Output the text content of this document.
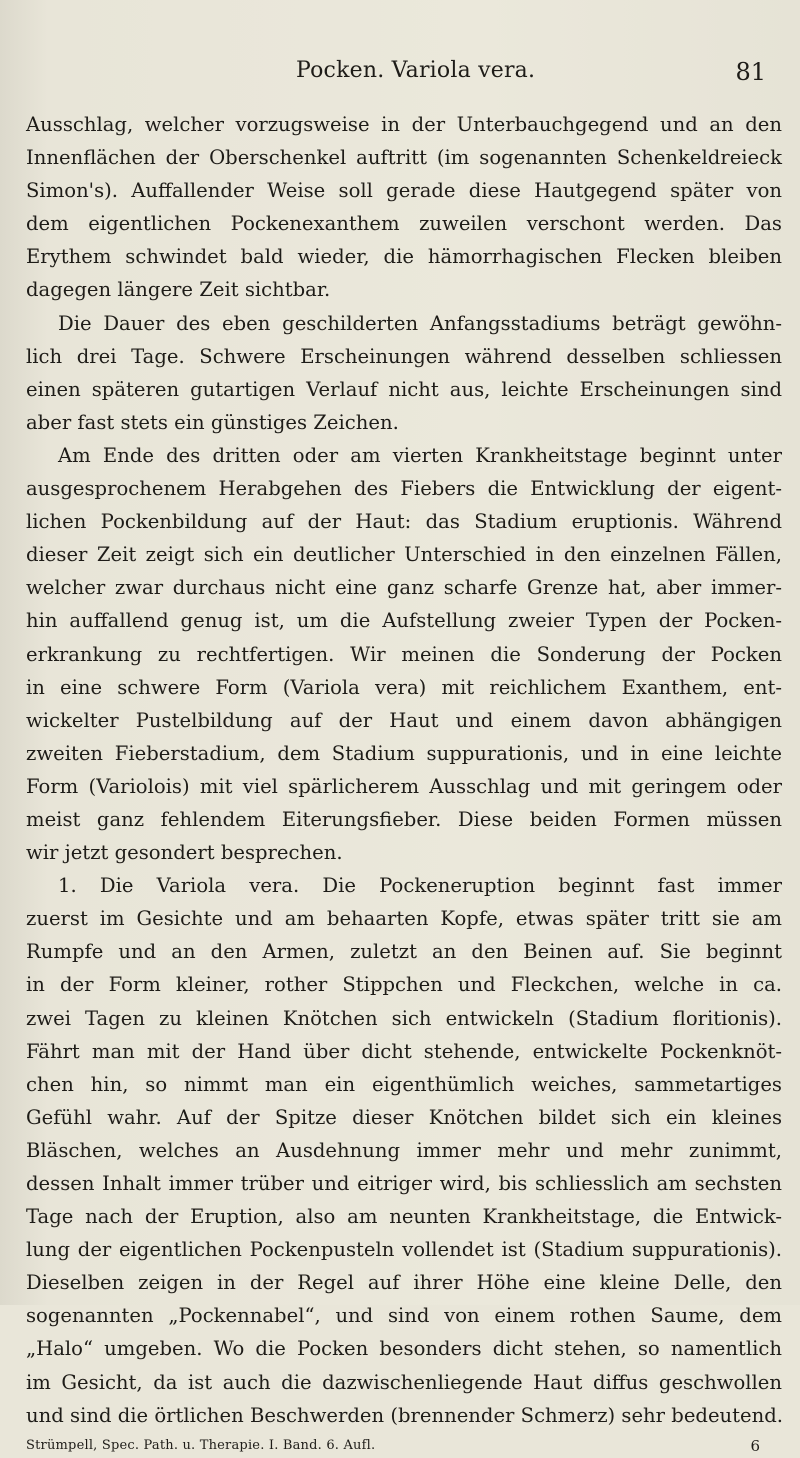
Pocken. Variola vera.	81
Ausschlag, welcher vorzugsweise in der Unterbauchgegend und an den
Innenflächen der Oberschenkel auftritt (im sogenannten Schenkeldreieck
Simon's). Auffallender Weise soll gerade diese Hautgegend später von
dem eigentlichen Pockenexanthem zuweilen verschont werden. Das
Erythem schwindet bald wieder, die hämorrhagischen Flecken bleiben
dagegen längere Zeit sichtbar.
Die Dauer des eben geschilderten Anfangsstadiums beträgt gewöhn-
lich drei Tage. Schwere Erscheinungen während desselben schliessen
einen späteren gutartigen Verlauf nicht aus, leichte Erscheinungen sind
aber fast stets ein günstiges Zeichen.
Am Ende des dritten oder am vierten Krankheitstage beginnt unter
ausgesprochenem Herabgehen des Fiebers die Entwicklung der eigent-
lichen Pockenbildung auf der Haut: das Stadium eruptionis. Während
dieser Zeit zeigt sich ein deutlicher Unterschied in den einzelnen Fällen,
welcher zwar durchaus nicht eine ganz scharfe Grenze hat, aber immer-
hin auffallend genug ist, um die Aufstellung zweier Typen der Pocken-
erkrankung zu rechtfertigen. Wir meinen die Sonderung der Pocken
in eine schwere Form (Variola vera) mit reichlichem Exanthem, ent-
wickelter Pustelbildung auf der Haut und einem davon abhängigen
zweiten Fieberstadium, dem Stadium suppurationis, und in eine leichte
Form (Variolois) mit viel spärlicherem Ausschlag und mit geringem oder
meist ganz fehlendem Eiterungsfieber. Diese beiden Formen müssen
wir jetzt gesondert besprechen.
1. Die Variola vera. Die Pockeneruption beginnt fast immer
zuerst im Gesichte und am behaarten Kopfe, etwas später tritt sie am
Rumpfe und an den Armen, zuletzt an den Beinen auf. Sie beginnt
in der Form kleiner, rother Stippchen und Fleckchen, welche in ca.
zwei Tagen zu kleinen Knötchen sich entwickeln (Stadium floritionis).
Fährt man mit der Hand über dicht stehende, entwickelte Pockenknöt-
chen hin, so nimmt man ein eigenthümlich weiches, sammetartiges
Gefühl wahr. Auf der Spitze dieser Knötchen bildet sich ein kleines
Bläschen, welches an Ausdehnung immer mehr und mehr zunimmt,
dessen Inhalt immer trüber und eitriger wird, bis schliesslich am sechsten
Tage nach der Eruption, also am neunten Krankheitstage, die Entwick-
lung der eigentlichen Pockenpusteln vollendet ist (Stadium suppurationis).
Dieselben zeigen in der Regel auf ihrer Höhe eine kleine Delle, den
sogenannten „Pockennabel“, und sind von einem rothen Saume, dem
„Halo“ umgeben. Wo die Pocken besonders dicht stehen, so namentlich
im Gesicht, da ist auch die dazwischenliegende Haut diffus geschwollen
und sind die örtlichen Beschwerden (brennender Schmerz) sehr bedeutend.
Strümpell, Spec. Path. u. Therapie. I. Band. 6. Aufl.	6
